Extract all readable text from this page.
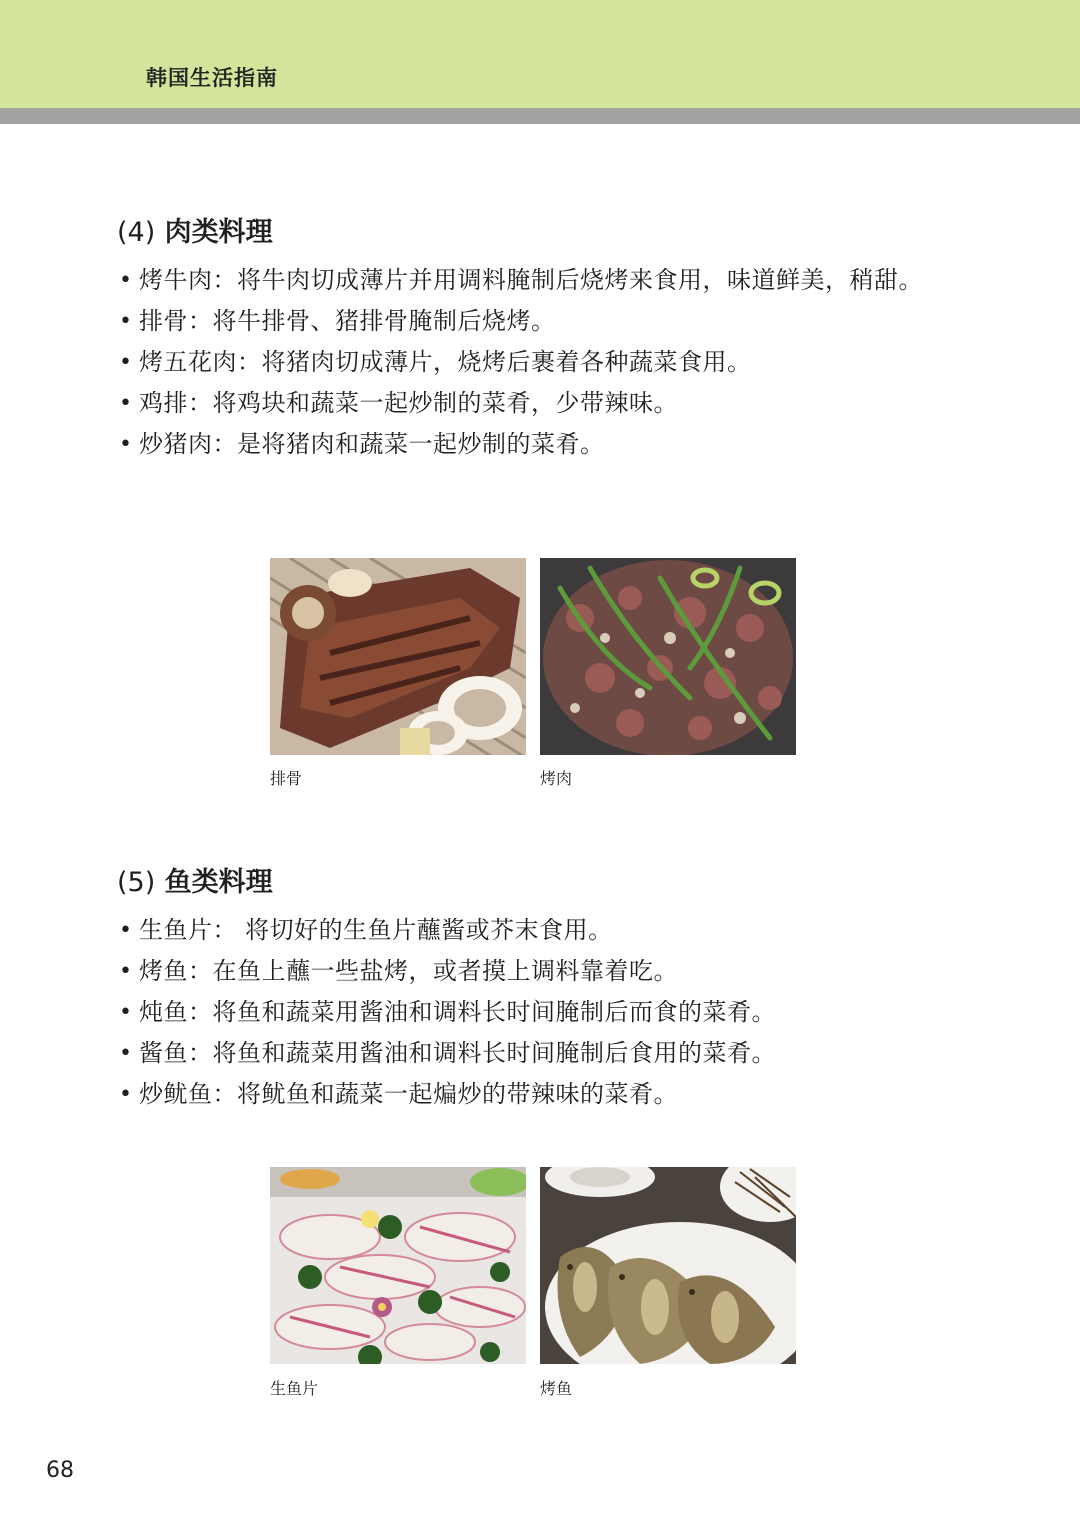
韩国生活指南
(4) 肉类料理
• 烤牛肉：将牛肉切成薄片并用调料腌制后烧烤来食用，味道鲜美，稍甜。
• 排骨：将牛排骨、猪排骨腌制后烧烤。
• 烤五花肉：将猪肉切成薄片，烧烤后裹着各种蔬菜食用。
• 鸡排：将鸡块和蔬菜一起炒制的菜肴，少带辣味。
• 炒猪肉：是将猪肉和蔬菜一起炒制的菜肴。
排骨	烤肉
(5) 鱼类料理
• 生鱼片： 将切好的生鱼片蘸酱或芥末食用。
• 烤鱼：在鱼上蘸一些盐烤，或者摸上调料靠着吃。
• 炖鱼：将鱼和蔬菜用酱油和调料长时间腌制后而食的菜肴。
• 酱鱼：将鱼和蔬菜用酱油和调料长时间腌制后食用的菜肴。
• 炒鱿鱼：将鱿鱼和蔬菜一起煸炒的带辣味的菜肴。
生鱼片	烤鱼
68
